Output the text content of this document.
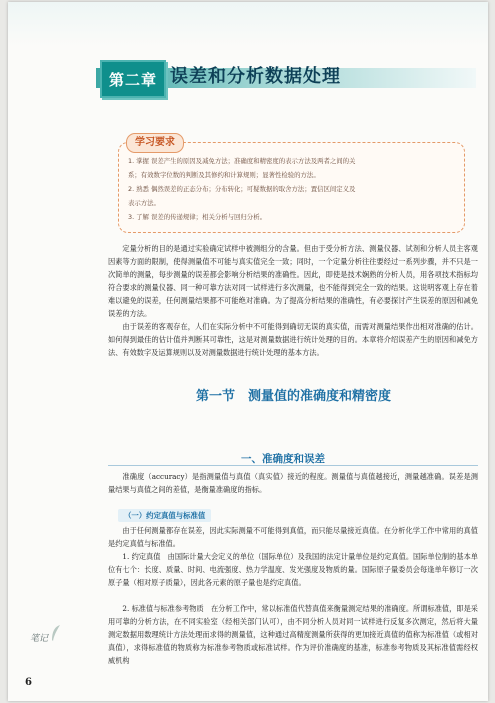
第二章 误差和分析数据处理
学习要求
1. 掌握 误差产生的原因及减免方法；准确度和精密度的表示方法及两者之间的关
系；有效数字位数的判断及其修约和计算规则；显著性检验的方法。
2. 熟悉 偶然误差的正态分布；分布转化；可疑数据的取舍方法；置信区间定义及
表示方法。
3. 了解 误差的传递规律；相关分析与回归分析。
定量分析的目的是通过实验确定试样中被测组分的含量。但由于受分析方法、测量仪器、试剂和分析人员主客观因素等方面的限制，使得测量值不可能与真实值完全一致；同时，一个定量分析往往要经过一系列步骤，并不只是一次简单的测量，每步测量的误差都会影响分析结果的准确性。因此，即使是技术娴熟的分析人员，用各项技术指标均符合要求的测量仪器、同一种可靠方法对同一试样进行多次测量，也不能得到完全一致的结果。这说明客观上存在着难以避免的误差，任何测量结果都不可能绝对准确。为了提高分析结果的准确性，有必要探讨产生误差的原因和减免误差的方法。
由于误差的客观存在，人们在实际分析中不可能得到确切无误的真实值，而需对测量结果作出相对准确的估计。如何得到最佳的估计值并判断其可靠性，这是对测量数据进行统计处理的目的。本章将介绍误差产生的原因和减免方法、有效数字及运算规则以及对测量数据进行统计处理的基本方法。
第一节　测量值的准确度和精密度
一、准确度和误差
准确度（accuracy）是指测量值与真值（真实值）接近的程度。测量值与真值越接近，测量越准确。误差是测量结果与真值之间的差值，是衡量准确度的指标。
（一）约定真值与标准值
由于任何测量都存在误差，因此实际测量不可能得到真值，而只能尽量接近真值。在分析化学工作中常用的真值是约定真值与标准值。
1. 约定真值　由国际计量大会定义的单位（国际单位）及我国的法定计量单位是约定真值。国际单位制的基本单位有七个：长度、质量、时间、电流强度、热力学温度、发光强度及物质的量。国际原子量委员会每逢单年修订一次原子量（相对原子质量），因此各元素的原子量也是约定真值。
2. 标准值与标准参考物质　在分析工作中，常以标准值代替真值来衡量测定结果的准确度。所谓标准值，即是采用可靠的分析方法，在不同实验室（经相关部门认可），由不同分析人员对同一试样进行反复多次测定，然后将大量测定数据用数理统计方法处理而求得的测量值，这种通过高精度测量所获得的更加接近真值的值称为标准值（或相对真值），求得标准值的物质称为标准参考物质或标准试样。作为评价准确度的基准，标准参考物质及其标准值需经权威机构
笔记
6
